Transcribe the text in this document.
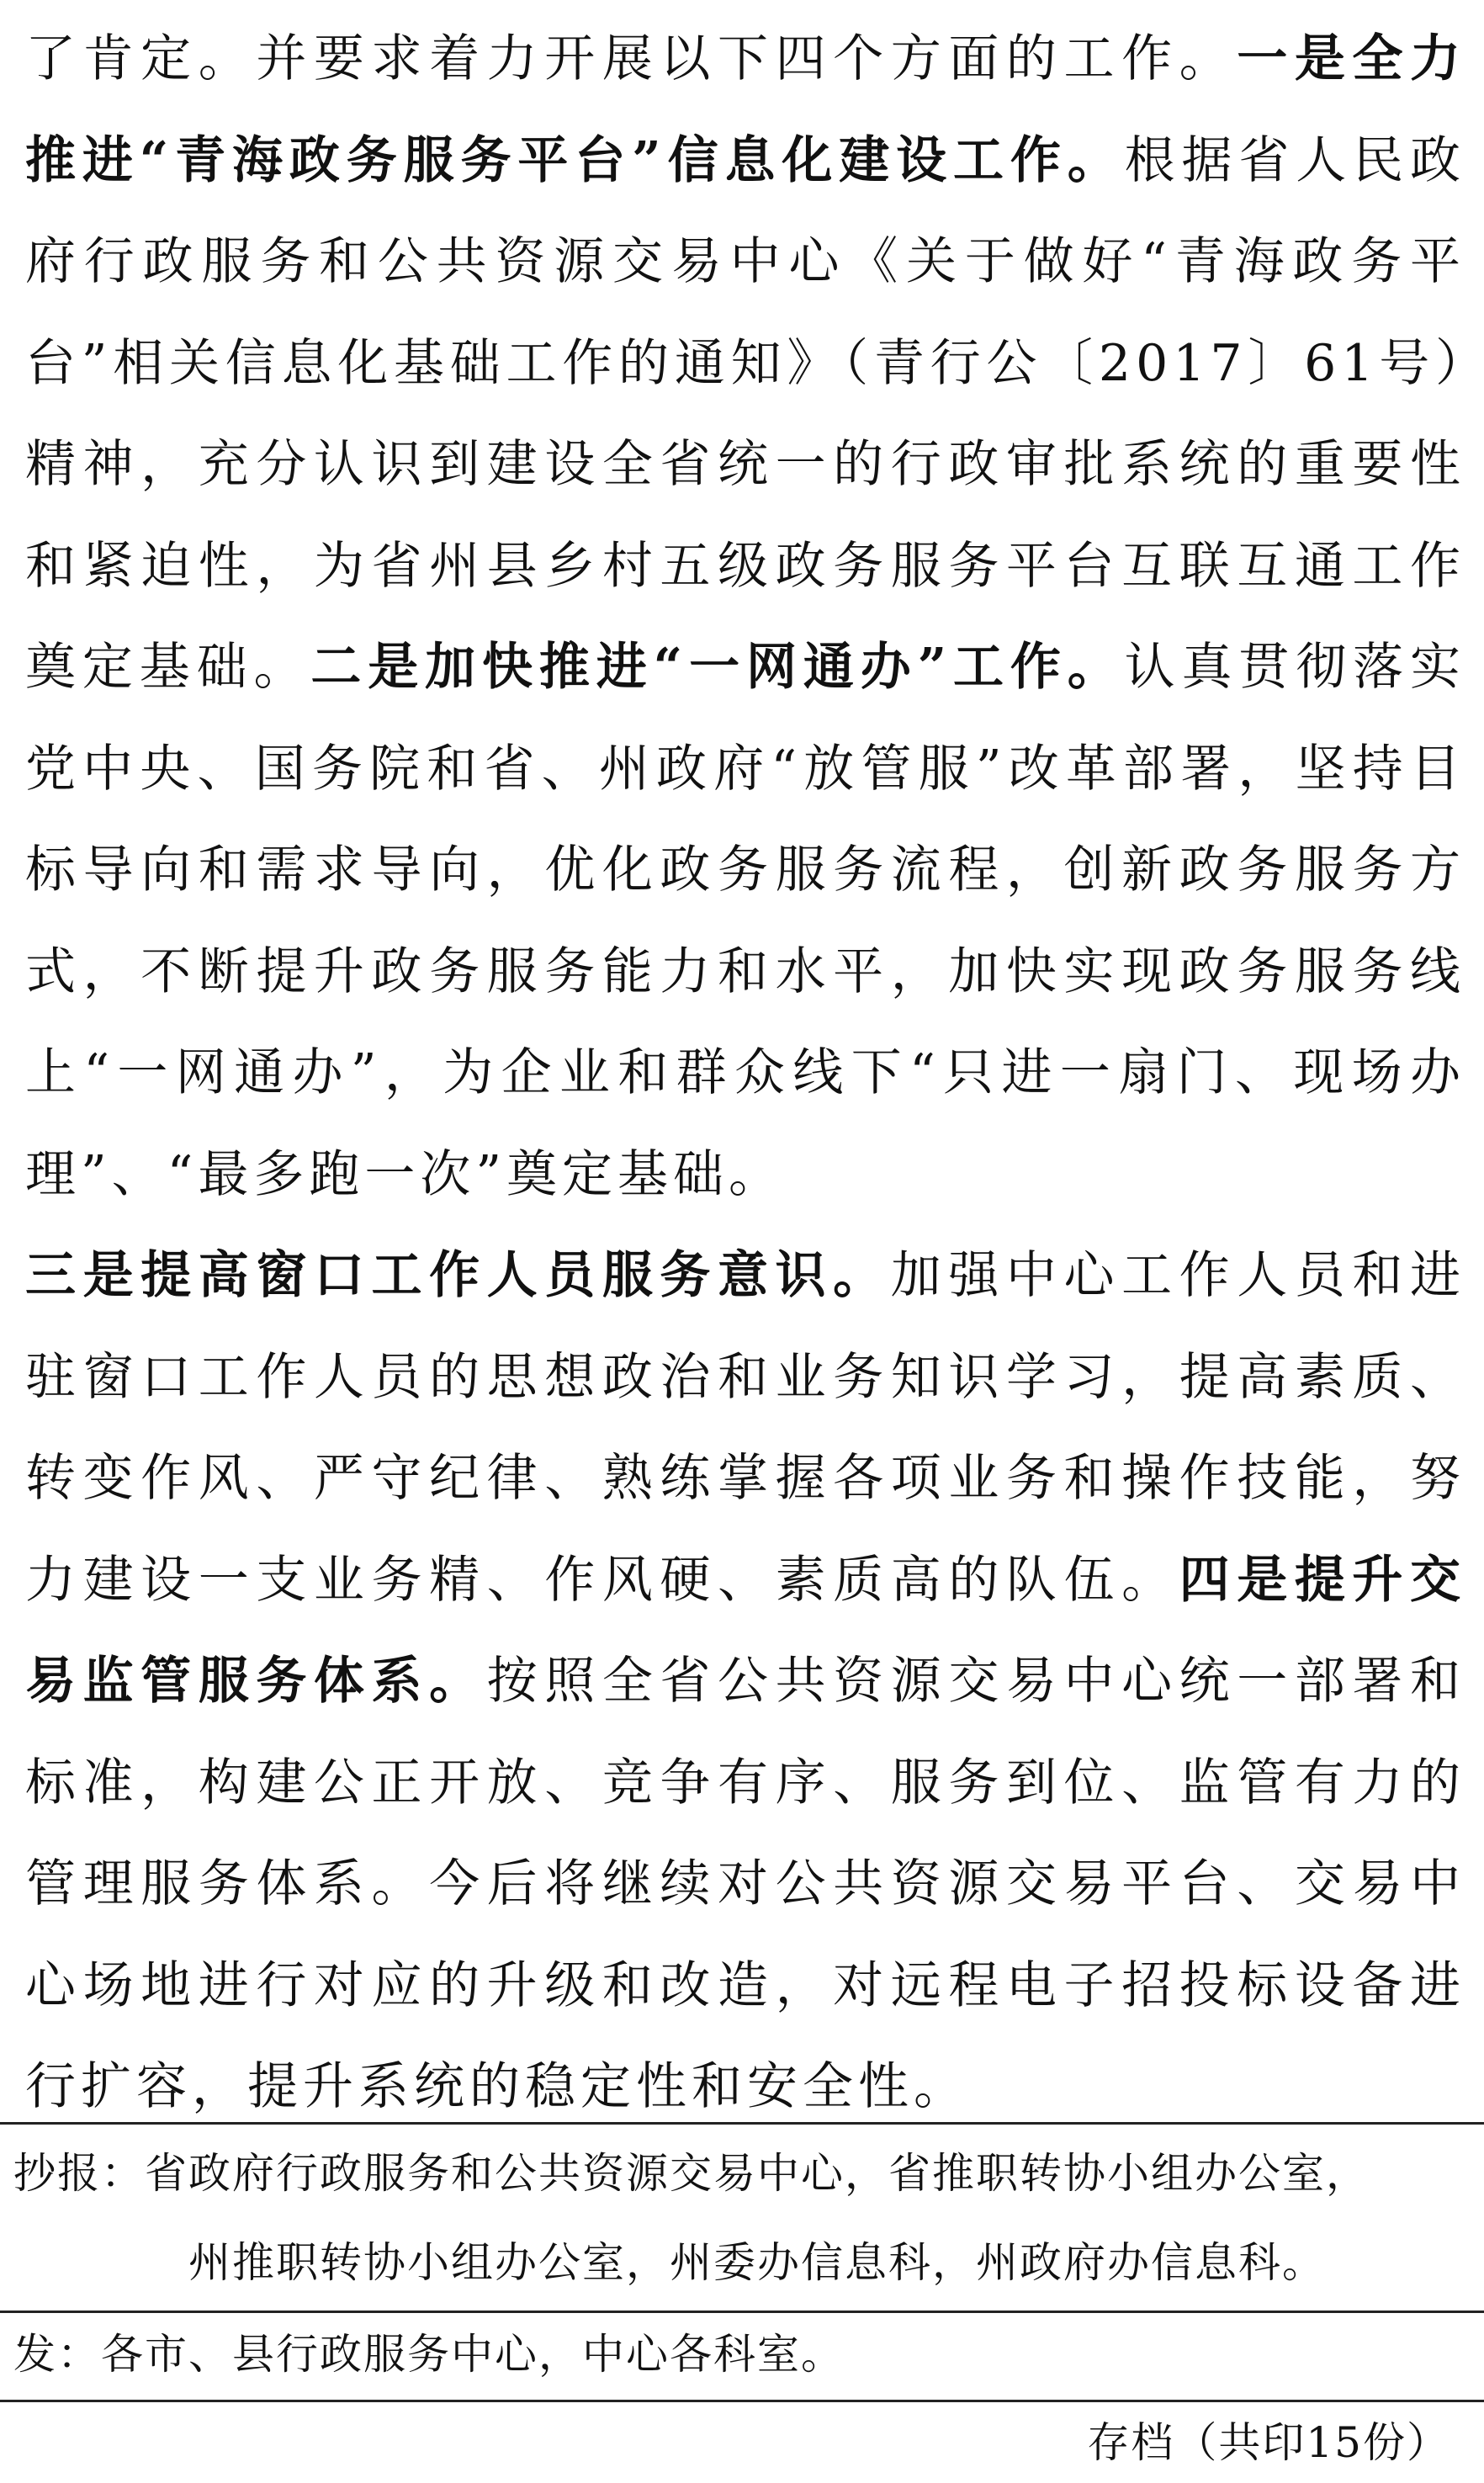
了肯定。并要求着力开展以下四个方面的工作。一是全力推进“青海政务服务平台”信息化建设工作。根据省人民政府行政服务和公共资源交易中心《关于做好“青海政务平台”相关信息化基础工作的通知》（青行公〔2017〕61号）精神，充分认识到建设全省统一的行政审批系统的重要性和紧迫性，为省州县乡村五级政务服务平台互联互通工作奠定基础。二是加快推进“一网通办”工作。认真贯彻落实党中央、国务院和省、州政府“放管服”改革部署，坚持目标导向和需求导向，优化政务服务流程，创新政务服务方式，不断提升政务服务能力和水平，加快实现政务服务线上“一网通办”，为企业和群众线下“只进一扇门、现场办理”、“最多跑一次”奠定基础。

三是提高窗口工作人员服务意识。加强中心工作人员和进驻窗口工作人员的思想政治和业务知识学习，提高素质、转变作风、严守纪律、熟练掌握各项业务和操作技能，努力建设一支业务精、作风硬、素质高的队伍。四是提升交易监管服务体系。按照全省公共资源交易中心统一部署和标准，构建公正开放、竞争有序、服务到位、监管有力的管理服务体系。今后将继续对公共资源交易平台、交易中心场地进行对应的升级和改造，对远程电子招投标设备进行扩容，提升系统的稳定性和安全性。

抄报：省政府行政服务和公共资源交易中心，省推职转协小组办公室，
州推职转协小组办公室，州委办信息科，州政府办信息科。
发：各市、县行政服务中心，中心各科室。
存档（共印15份）
